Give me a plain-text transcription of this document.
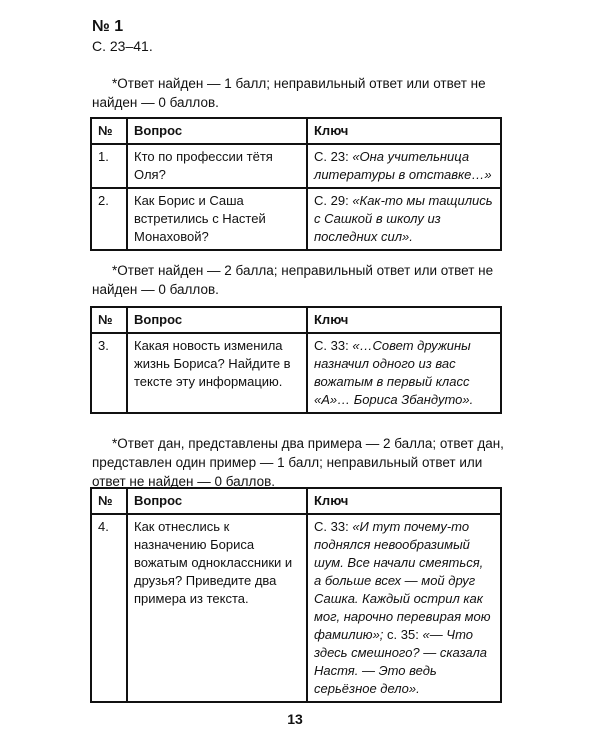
№ 1
С. 23–41.
*Ответ найден — 1 балл; неправильный ответ или ответ не найден — 0 баллов.
№	Вопрос	Ключ
1.	Кто по профессии тётя Оля?	С. 23: «Она учительница литературы в отставке…»
2.	Как Борис и Саша встретились с Настей Монаховой?	С. 29: «Как-то мы тащились с Сашкой в школу из последних сил».
*Ответ найден — 2 балла; неправильный ответ или ответ не найден — 0 баллов.
№	Вопрос	Ключ
3.	Какая новость изменила жизнь Бориса? Найдите в тексте эту информацию.	С. 33: «…Совет дружины назначил одного из вас вожатым в первый класс «А»… Бориса Збандуто».
*Ответ дан, представлены два примера — 2 балла; ответ дан, представлен один пример — 1 балл; неправильный ответ или ответ не найден — 0 баллов.
№	Вопрос	Ключ
4.	Как отнеслись к назначению Бориса вожатым одноклассники и друзья? Приведите два примера из текста.	С. 33: «И тут почему-то поднялся невообразимый шум. Все начали смеяться, а больше всех — мой друг Сашка. Каждый острил как мог, нарочно перевирая мою фамилию»; с. 35: «— Что здесь смешного? — сказала Настя. — Это ведь серьёзное дело».
13
